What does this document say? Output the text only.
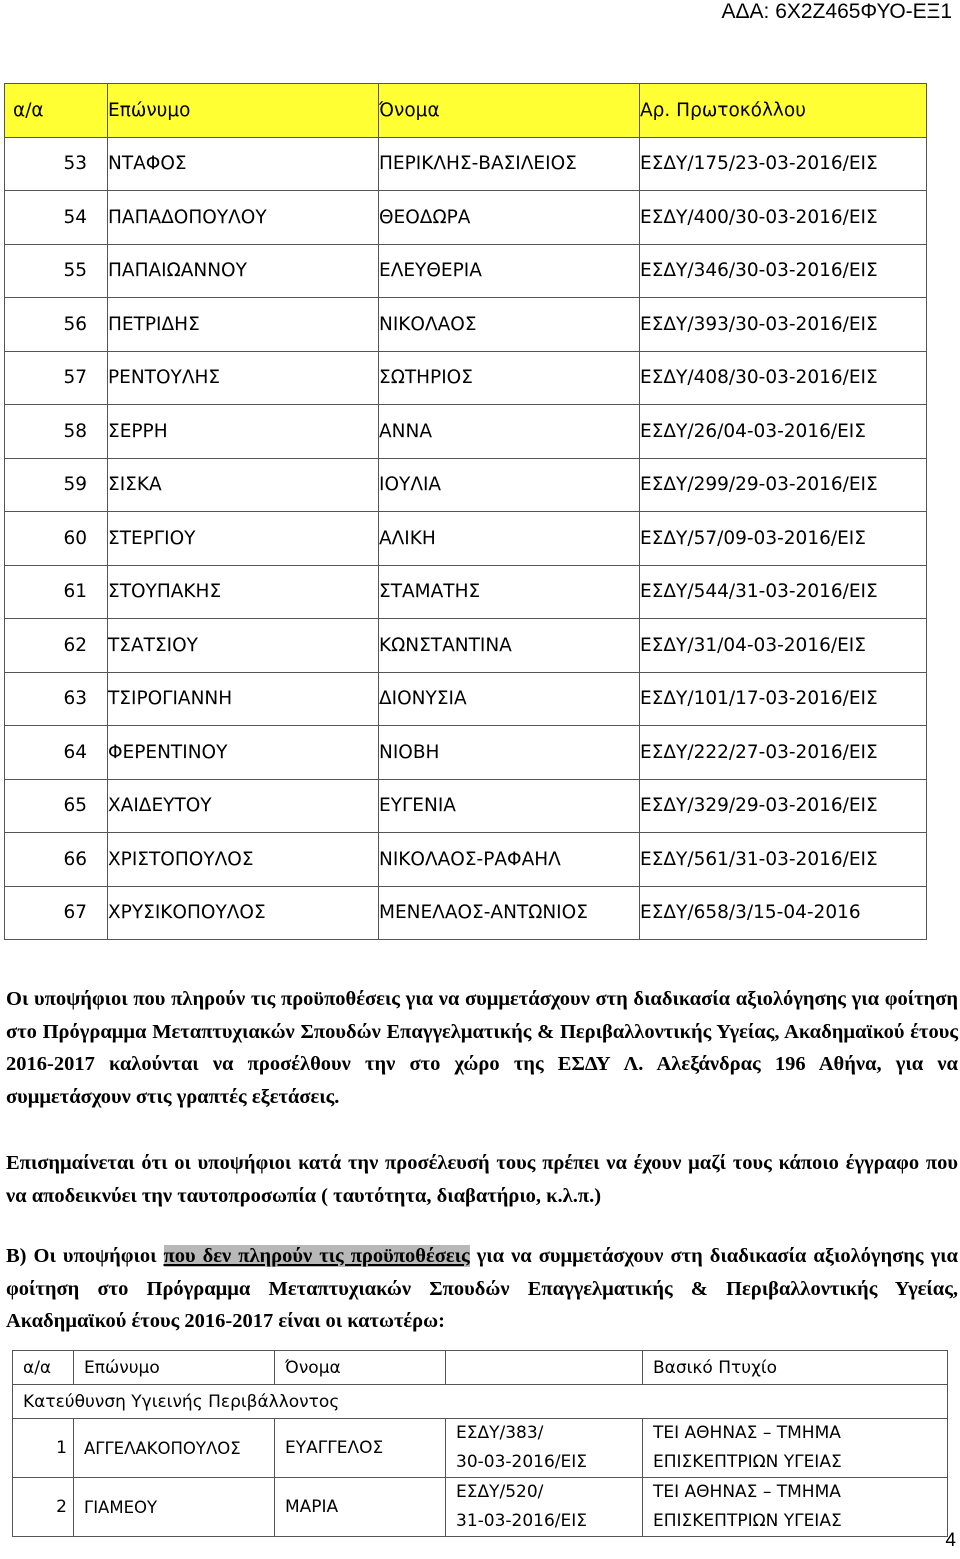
ΑΔΑ: 6Χ2Ζ465ΦΥΟ-ΕΞ1
α/α	Επώνυμο	Όνομα	Αρ. Πρωτοκόλλου
53	ΝΤΑΦΟΣ	ΠΕΡΙΚΛΗΣ-ΒΑΣΙΛΕΙΟΣ	ΕΣΔΥ/175/23-03-2016/ΕΙΣ
54	ΠΑΠΑΔΟΠΟΥΛΟΥ	ΘΕΟΔΩΡΑ	ΕΣΔΥ/400/30-03-2016/ΕΙΣ
55	ΠΑΠΑΙΩΑΝΝΟΥ	ΕΛΕΥΘΕΡΙΑ	ΕΣΔΥ/346/30-03-2016/ΕΙΣ
56	ΠΕΤΡΙΔΗΣ	ΝΙΚΟΛΑΟΣ	ΕΣΔΥ/393/30-03-2016/ΕΙΣ
57	ΡΕΝΤΟΥΛΗΣ	ΣΩΤΗΡΙΟΣ	ΕΣΔΥ/408/30-03-2016/ΕΙΣ
58	ΣΕΡΡΗ	ΑΝΝΑ	ΕΣΔΥ/26/04-03-2016/ΕΙΣ
59	ΣΙΣΚΑ	ΙΟΥΛΙΑ	ΕΣΔΥ/299/29-03-2016/ΕΙΣ
60	ΣΤΕΡΓΙΟΥ	ΑΛΙΚΗ	ΕΣΔΥ/57/09-03-2016/ΕΙΣ
61	ΣΤΟΥΠΑΚΗΣ	ΣΤΑΜΑΤΗΣ	ΕΣΔΥ/544/31-03-2016/ΕΙΣ
62	ΤΣΑΤΣΙΟΥ	ΚΩΝΣΤΑΝΤΙΝΑ	ΕΣΔΥ/31/04-03-2016/ΕΙΣ
63	ΤΣΙΡΟΓΙΑΝΝΗ	ΔΙΟΝΥΣΙΑ	ΕΣΔΥ/101/17-03-2016/ΕΙΣ
64	ΦΕΡΕΝΤΙΝΟΥ	ΝΙΟΒΗ	ΕΣΔΥ/222/27-03-2016/ΕΙΣ
65	ΧΑΙΔΕΥΤΟΥ	ΕΥΓΕΝΙΑ	ΕΣΔΥ/329/29-03-2016/ΕΙΣ
66	ΧΡΙΣΤΟΠΟΥΛΟΣ	ΝΙΚΟΛΑΟΣ-ΡΑΦΑΗΛ	ΕΣΔΥ/561/31-03-2016/ΕΙΣ
67	ΧΡΥΣΙΚΟΠΟΥΛΟΣ	ΜΕΝΕΛΑΟΣ-ΑΝΤΩΝΙΟΣ	ΕΣΔΥ/658/3/15-04-2016

Οι υποψήφιοι που πληρούν τις προϋποθέσεις για να συμμετάσχουν στη διαδικασία αξιολόγησης για φοίτηση στο Πρόγραμμα Μεταπτυχιακών Σπουδών Επαγγελματικής & Περιβαλλοντικής Υγείας, Ακαδημαϊκού έτους 2016-2017 καλούνται να προσέλθουν την στο χώρο της ΕΣΔΥ Λ. Αλεξάνδρας 196 Αθήνα, για να συμμετάσχουν στις γραπτές εξετάσεις.

Επισημαίνεται ότι οι υποψήφιοι κατά την προσέλευσή τους πρέπει να έχουν μαζί τους κάποιο έγγραφο που να αποδεικνύει την ταυτοπροσωπία ( ταυτότητα, διαβατήριο, κ.λ.π.)

Β) Οι υποψήφιοι που δεν πληρούν τις προϋποθέσεις για να συμμετάσχουν στη διαδικασία αξιολόγησης για φοίτηση στο Πρόγραμμα Μεταπτυχιακών Σπουδών Επαγγελματικής & Περιβαλλοντικής Υγείας, Ακαδημαϊκού έτους 2016-2017 είναι οι κατωτέρω:

α/α	Επώνυμο	Όνομα		Βασικό Πτυχίο
Κατεύθυνση Υγιεινής Περιβάλλοντος				
1	ΑΓΓΕΛΑΚΟΠΟΥΛΟΣ	ΕΥΑΓΓΕΛΟΣ	ΕΣΔΥ/383/
30-03-2016/ΕΙΣ	ΤΕΙ ΑΘΗΝΑΣ – ΤΜΗΜΑ
ΕΠΙΣΚΕΠΤΡΙΩΝ ΥΓΕΙΑΣ
2	ΓΙΑΜΕΟΥ	ΜΑΡΙΑ	ΕΣΔΥ/520/
31-03-2016/ΕΙΣ	ΤΕΙ ΑΘΗΝΑΣ – ΤΜΗΜΑ
ΕΠΙΣΚΕΠΤΡΙΩΝ ΥΓΕΙΑΣ
4
